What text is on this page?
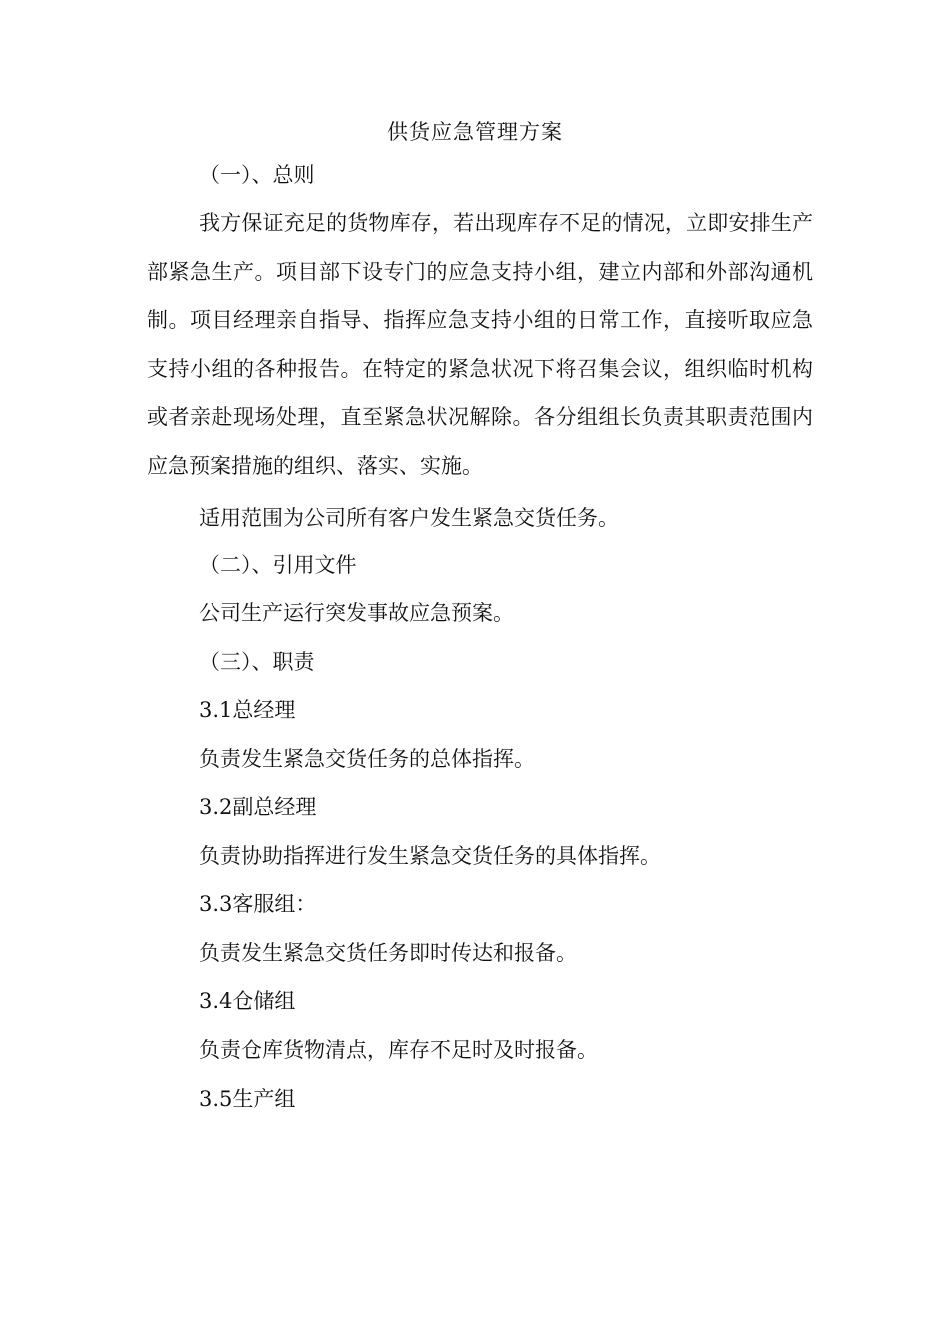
供货应急管理方案
（一）、总则
我方保证充足的货物库存，若出现库存不足的情况，立即安排生产部紧急生产。项目部下设专门的应急支持小组，建立内部和外部沟通机制。项目经理亲自指导、指挥应急支持小组的日常工作，直接听取应急支持小组的各种报告。在特定的紧急状况下将召集会议，组织临时机构或者亲赴现场处理，直至紧急状况解除。各分组组长负责其职责范围内应急预案措施的组织、落实、实施。
适用范围为公司所有客户发生紧急交货任务。
（二）、引用文件
公司生产运行突发事故应急预案。
（三）、职责
3.1总经理
负责发生紧急交货任务的总体指挥。
3.2副总经理
负责协助指挥进行发生紧急交货任务的具体指挥。
3.3客服组：
负责发生紧急交货任务即时传达和报备。
3.4仓储组
负责仓库货物清点，库存不足时及时报备。
3.5生产组
